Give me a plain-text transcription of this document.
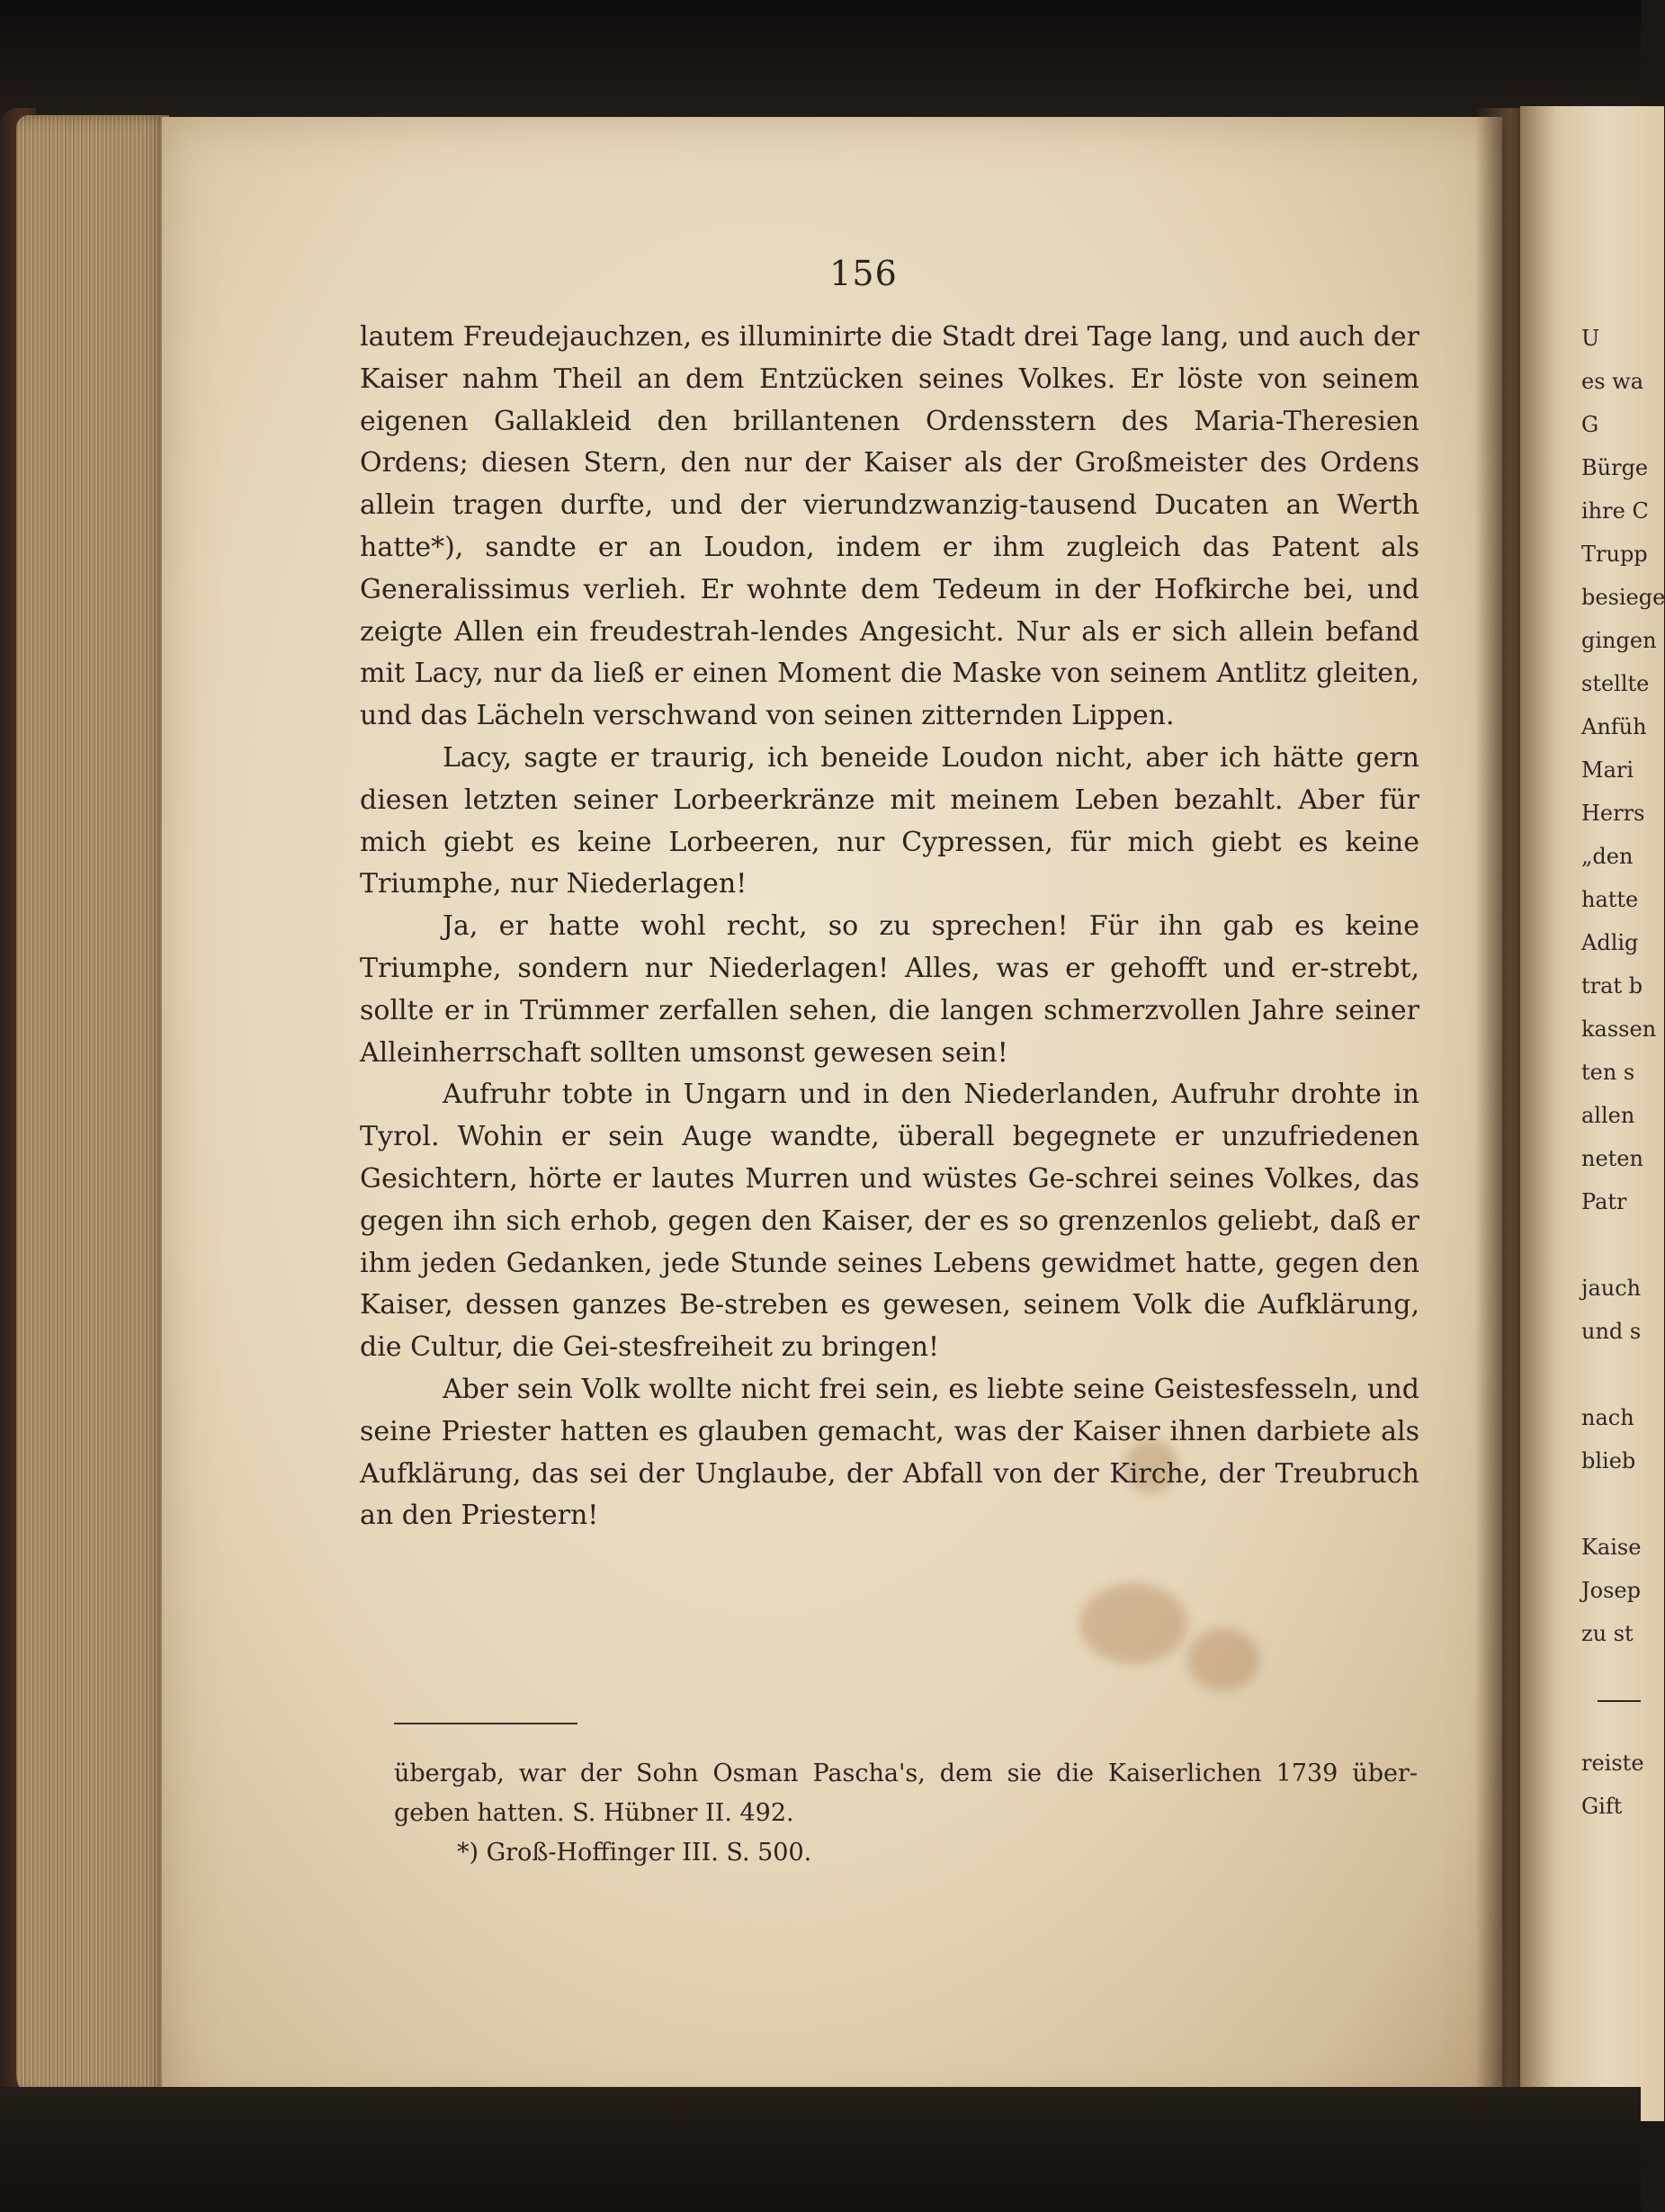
156

lautem Freudejauchzen, es illuminirte die Stadt drei Tage lang, und auch der Kaiser nahm Theil an dem Entzücken seines Volkes. Er löste von seinem eigenen Gallakleid den brillantenen Ordensstern des Maria-Theresien Ordens; diesen Stern, den nur der Kaiser als der Großmeister des Ordens allein tragen durfte, und der vierundzwanzig-tausend Ducaten an Werth hatte*), sandte er an Loudon, indem er ihm zugleich das Patent als Generalissimus verlieh. Er wohnte dem Tedeum in der Hofkirche bei, und zeigte Allen ein freudestrah-lendes Angesicht. Nur als er sich allein befand mit Lacy, nur da ließ er einen Moment die Maske von seinem Antlitz gleiten, und das Lächeln verschwand von seinen zitternden Lippen.

Lacy, sagte er traurig, ich beneide Loudon nicht, aber ich hätte gern diesen letzten seiner Lorbeerkränze mit meinem Leben bezahlt. Aber für mich giebt es keine Lorbeeren, nur Cypressen, für mich giebt es keine Triumphe, nur Niederlagen!

Ja, er hatte wohl recht, so zu sprechen! Für ihn gab es keine Triumphe, sondern nur Niederlagen! Alles, was er gehofft und er-strebt, sollte er in Trümmer zerfallen sehen, die langen schmerzvollen Jahre seiner Alleinherrschaft sollten umsonst gewesen sein!

Aufruhr tobte in Ungarn und in den Niederlanden, Aufruhr drohte in Tyrol. Wohin er sein Auge wandte, überall begegnete er unzufriedenen Gesichtern, hörte er lautes Murren und wüstes Ge-schrei seines Volkes, das gegen ihn sich erhob, gegen den Kaiser, der es so grenzenlos geliebt, daß er ihm jeden Gedanken, jede Stunde seines Lebens gewidmet hatte, gegen den Kaiser, dessen ganzes Be-streben es gewesen, seinem Volk die Aufklärung, die Cultur, die Gei-stesfreiheit zu bringen!

Aber sein Volk wollte nicht frei sein, es liebte seine Geistesfesseln, und seine Priester hatten es glauben gemacht, was der Kaiser ihnen darbiete als Aufklärung, das sei der Unglaube, der Abfall von der Kirche, der Treubruch an den Priestern!

übergab, war der Sohn Osman Pascha's, dem sie die Kaiserlichen 1739 über-geben hatten. S. Hübner II. 492.

*) Groß-Hoffinger III. S. 500.

U
es wa
G
Bürge
ihre C
Trupp
besiege
gingen
stellte
Anfüh
Mari
Herrs
„den
hatte
Adlig
trat b
kassen
ten s
allen
neten
Patr

jauch
und s

nach
blieb

Kaise
Josep
zu st

reiste
Gift
